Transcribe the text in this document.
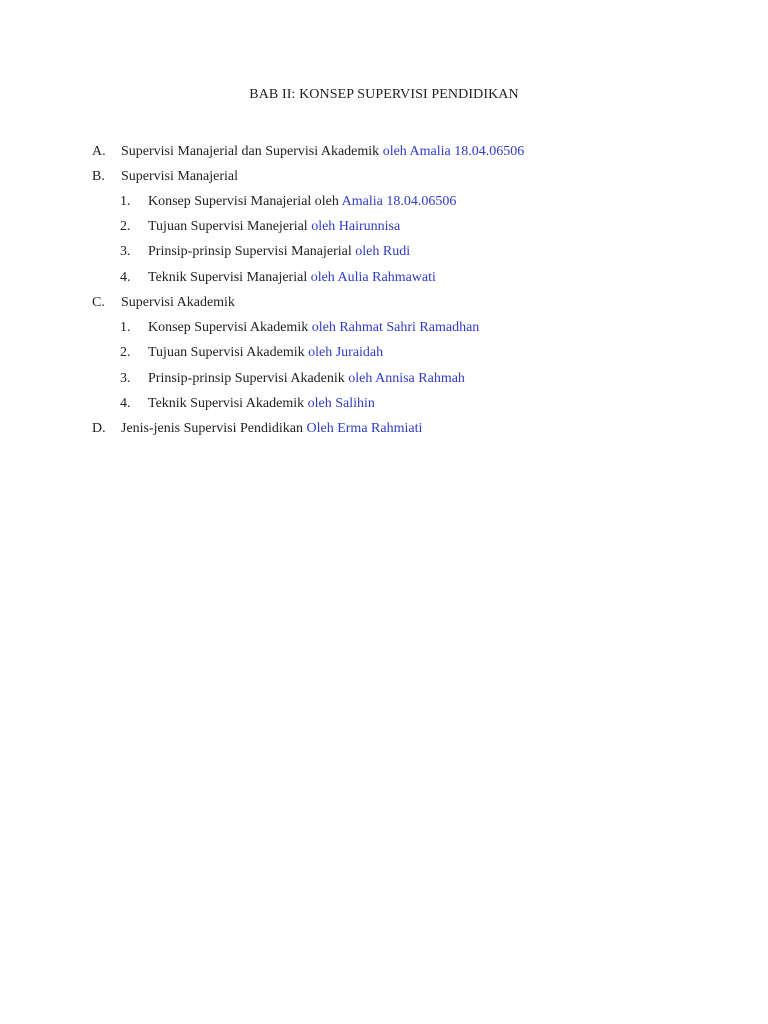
BAB II: KONSEP SUPERVISI PENDIDIKAN
A. Supervisi Manajerial dan Supervisi Akademik oleh Amalia 18.04.06506
B. Supervisi Manajerial
1. Konsep Supervisi Manajerial oleh Amalia 18.04.06506
2. Tujuan Supervisi Manejerial oleh Hairunnisa
3. Prinsip-prinsip Supervisi Manajerial oleh Rudi
4. Teknik Supervisi Manajerial oleh Aulia Rahmawati
C. Supervisi Akademik
1. Konsep Supervisi Akademik oleh Rahmat Sahri Ramadhan
2. Tujuan Supervisi Akademik oleh Juraidah
3. Prinsip-prinsip Supervisi Akadenik oleh Annisa Rahmah
4. Teknik Supervisi Akademik oleh Salihin
D. Jenis-jenis Supervisi Pendidikan Oleh Erma Rahmiati
